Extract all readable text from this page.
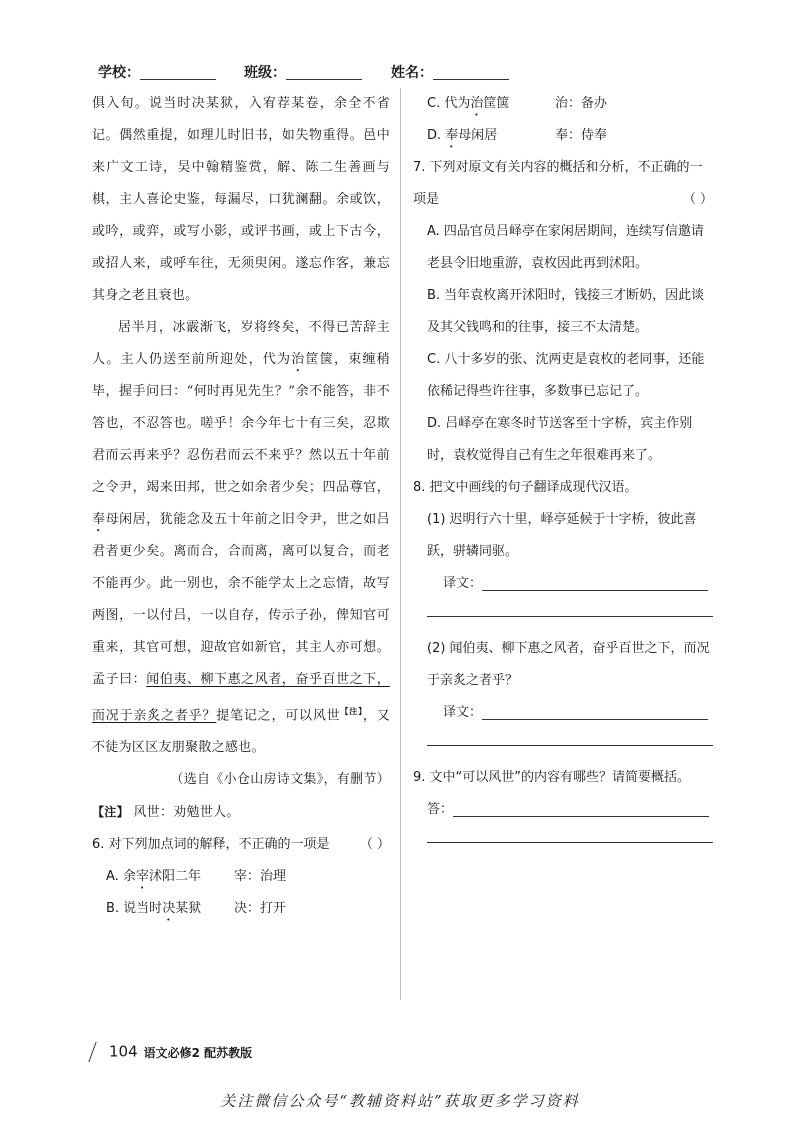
学校：	班级：	姓名：

俱入旬。说当时决某狱，入宥荐某卷，余全不省记。偶然重提，如理儿时旧书，如失物重得。邑中来广文工诗，吴中翰精鉴赏，解、陈二生善画与棋，主人喜论史鉴，每漏尽，口犹澜翻。余或饮，或吟，或弈，或写小影，或评书画，或上下古今，或招人来，或呼车往，无须臾闲。遂忘作客，兼忘其身之老且衰也。

居半月，冰霰渐飞，岁将终矣，不得已苦辞主人。主人仍送至前所迎处，代为治筐箧，束缠稍毕，握手问曰：“何时再见先生？”余不能答，非不答也，不忍答也。嗟乎！余今年七十有三矣，忍欺君而云再来乎？忍伤君而云不来乎？然以五十年前之令尹，竭来田邦，世之如余者少矣；四品尊官，奉母闲居，犹能念及五十年前之旧令尹，世之如吕君者更少矣。离而合，合而离，离可以复合，而老不能再少。此一别也，余不能学太上之忘情，故写两图，一以付吕，一以自存，传示子孙，俾知官可重来，其官可想，迎故官如新官，其主人亦可想。孟子曰：闻伯夷、柳下惠之风者，奋乎百世之下，而况于亲炙之者乎？提笔记之，可以风世$^{【注】}$，又不徒为区区友朋聚散之感也。

（选自《小仓山房诗文集》，有删节）

【注】 风世：劝勉世人。

6. 对下列加点词的解释，不正确的一项是 （ ）

A. 余宰沭阳二年	宰：治理

B. 说当时决某狱	决：打开

C. 代为治筐箧	治：备办

D. 奉母闲居	奉：侍奉

7. 下列对原文有关内容的概括和分析，不正确的一项是	（ ）

A. 四品官员吕峄亭在家闲居期间，连续写信邀请老县令旧地重游，袁枚因此再到沭阳。

B. 当年袁枚离开沭阳时，钱接三才断奶，因此谈及其父钱鸣和的往事，接三不太清楚。

C. 八十多岁的张、沈两吏是袁枚的老同事，还能依稀记得些许往事，多数事已忘记了。

D. 吕峄亭在寒冬时节送客至十字桥，宾主作别时，袁枚觉得自己有生之年很难再来了。

8. 把文中画线的句子翻译成现代汉语。

(1) 迟明行六十里，峄亭延候于十字桥，彼此喜跃，骈辚同驱。

译文：

(2) 闻伯夷、柳下惠之风者，奋乎百世之下，而况于亲炙之者乎？

译文：

9. 文中“可以风世”的内容有哪些？请简要概括。

答：

104 语文必修2 配苏教版
关注微信公众号“教辅资料站”获取更多学习资料
